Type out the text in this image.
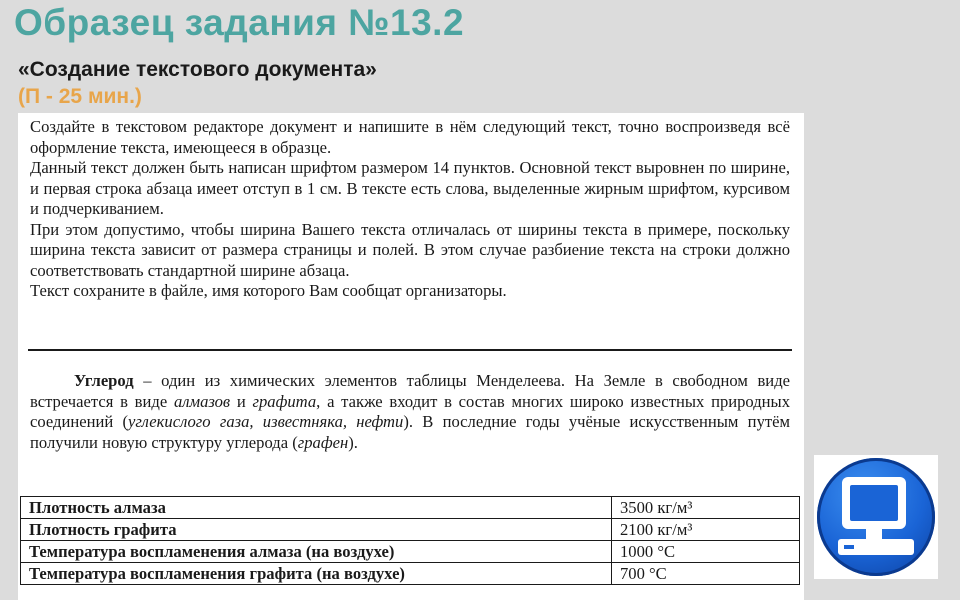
Образец задания №13.2
«Создание текстового документа»
(П - 25 мин.)

Создайте в текстовом редакторе документ и напишите в нём следующий текст, точно воспроизведя всё оформление текста, имеющееся в образце.

Данный текст должен быть написан шрифтом размером 14 пунктов. Основной текст выровнен по ширине, и первая строка абзаца имеет отступ в 1 см. В тексте есть слова, выделенные жирным шрифтом, курсивом и подчеркиванием.

При этом допустимо, чтобы ширина Вашего текста отличалась от ширины текста в примере, поскольку ширина текста зависит от размера страницы и полей. В этом случае разбиение текста на строки должно соответствовать стандартной ширине абзаца.

Текст сохраните в файле, имя которого Вам сообщат организаторы.

Углерод – один из химических элементов таблицы Менделеева. На Земле в свободном виде встречается в виде алмазов и графита, а также входит в состав многих широко известных природных соединений (углекислого газа, известняка, нефти). В последние годы учёные искусственным путём получили новую структуру углерода (графен).

Плотность алмаза	3500 кг/м³
Плотность графита	2100 кг/м³
Температура воспламенения алмаза (на воздухе)	1000 °C
Температура воспламенения графита (на воздухе)	700 °C
